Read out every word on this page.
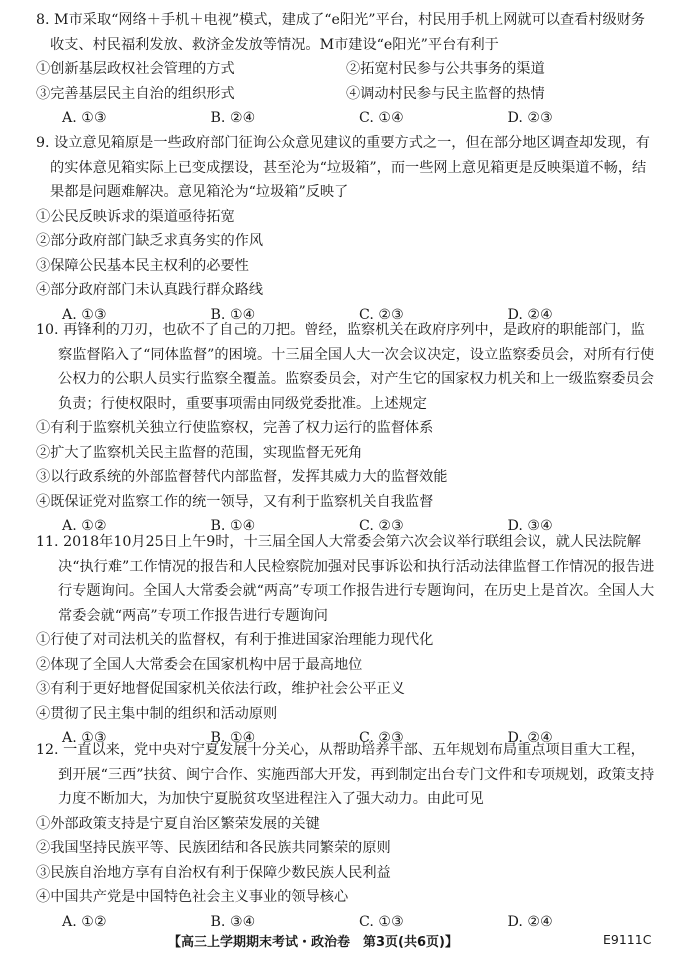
8. M市采取“网络＋手机＋电视”模式，建成了“e阳光”平台，村民用手机上网就可以查看村级财务收支、村民福利发放、救济金发放等情况。M市建设“e阳光”平台有利于

①创新基层政权社会管理的方式	②拓宽村民参与公共事务的渠道
③完善基层民主自治的组织形式	④调动村民参与民主监督的热情
A. ①③	B. ②④	C. ①④	D. ②③

9. 设立意见箱原是一些政府部门征询公众意见建议的重要方式之一，但在部分地区调查却发现，有的实体意见箱实际上已变成摆设，甚至沦为“垃圾箱”，而一些网上意见箱更是反映渠道不畅，结果都是问题难解决。意见箱沦为“垃圾箱”反映了

①公民反映诉求的渠道亟待拓宽

②部分政府部门缺乏求真务实的作风

③保障公民基本民主权利的必要性

④部分政府部门未认真践行群众路线

A. ①③	B. ①④	C. ②③	D. ②④

10. 再锋利的刀刃，也砍不了自己的刀把。曾经，监察机关在政府序列中，是政府的职能部门，监察监督陷入了“同体监督”的困境。十三届全国人大一次会议决定，设立监察委员会，对所有行使公权力的公职人员实行监察全覆盖。监察委员会，对产生它的国家权力机关和上一级监察委员会负责；行使权限时，重要事项需由同级党委批准。上述规定

①有利于监察机关独立行使监察权，完善了权力运行的监督体系

②扩大了监察机关民主监督的范围，实现监督无死角

③以行政系统的外部监督替代内部监督，发挥其威力大的监督效能

④既保证党对监察工作的统一领导，又有利于监察机关自我监督

A. ①②	B. ①④	C. ②③	D. ③④

11. 2018年10月25日上午9时，十三届全国人大常委会第六次会议举行联组会议，就人民法院解决“执行难”工作情况的报告和人民检察院加强对民事诉讼和执行活动法律监督工作情况的报告进行专题询问。全国人大常委会就“两高”专项工作报告进行专题询问，在历史上是首次。全国人大常委会就“两高”专项工作报告进行专题询问

①行使了对司法机关的监督权，有利于推进国家治理能力现代化

②体现了全国人大常委会在国家机构中居于最高地位

③有利于更好地督促国家机关依法行政，维护社会公平正义

④贯彻了民主集中制的组织和活动原则

A. ①③	B. ①④	C. ②③	D. ②④

12. 一直以来，党中央对宁夏发展十分关心，从帮助培养干部、五年规划布局重点项目重大工程，到开展“三西”扶贫、闽宁合作、实施西部大开发，再到制定出台专门文件和专项规划，政策支持力度不断加大，为加快宁夏脱贫攻坚进程注入了强大动力。由此可见

①外部政策支持是宁夏自治区繁荣发展的关键

②我国坚持民族平等、民族团结和各民族共同繁荣的原则

③民族自治地方享有自治权有利于保障少数民族人民利益

④中国共产党是中国特色社会主义事业的领导核心

A. ①②	B. ③④	C. ①③	D. ②④
【高三上学期期末考试・政治卷　第3页(共6页)】	E9111C
